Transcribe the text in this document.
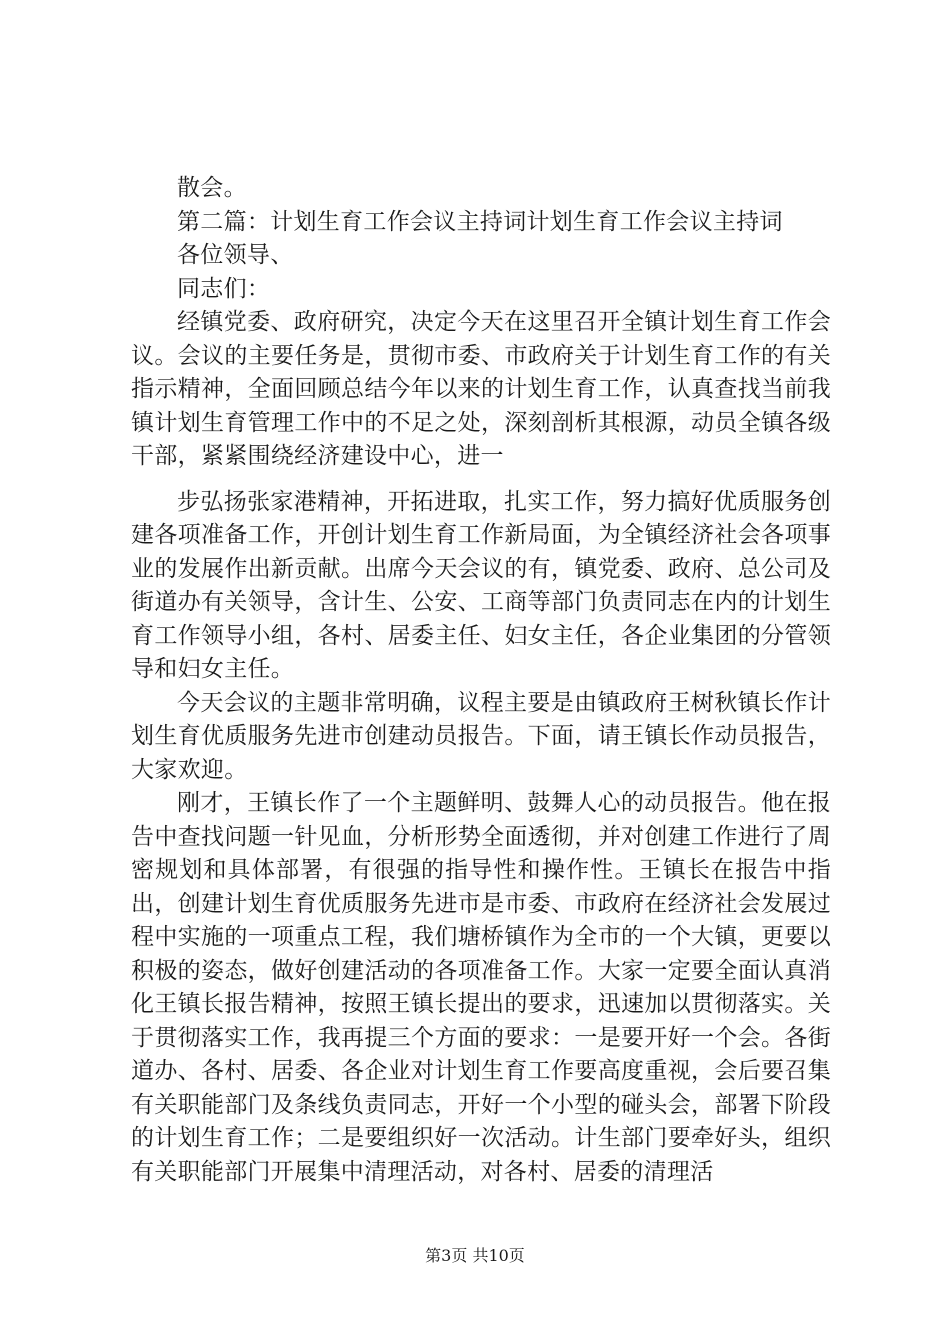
散会。

第二篇：计划生育工作会议主持词计划生育工作会议主持词

各位领导、

同志们：

经镇党委、政府研究，决定今天在这里召开全镇计划生育工作会议。会议的主要任务是，贯彻市委、市政府关于计划生育工作的有关指示精神，全面回顾总结今年以来的计划生育工作，认真查找当前我镇计划生育管理工作中的不足之处，深刻剖析其根源，动员全镇各级干部，紧紧围绕经济建设中心，进一

步弘扬张家港精神，开拓进取，扎实工作，努力搞好优质服务创建各项准备工作，开创计划生育工作新局面，为全镇经济社会各项事业的发展作出新贡献。出席今天会议的有，镇党委、政府、总公司及街道办有关领导，含计生、公安、工商等部门负责同志在内的计划生育工作领导小组，各村、居委主任、妇女主任，各企业集团的分管领导和妇女主任。

今天会议的主题非常明确，议程主要是由镇政府王树秋镇长作计划生育优质服务先进市创建动员报告。下面，请王镇长作动员报告，大家欢迎。

刚才，王镇长作了一个主题鲜明、鼓舞人心的动员报告。他在报告中查找问题一针见血，分析形势全面透彻，并对创建工作进行了周密规划和具体部署，有很强的指导性和操作性。王镇长在报告中指出，创建计划生育优质服务先进市是市委、市政府在经济社会发展过程中实施的一项重点工程，我们塘桥镇作为全市的一个大镇，更要以积极的姿态，做好创建活动的各项准备工作。大家一定要全面认真消化王镇长报告精神，按照王镇长提出的要求，迅速加以贯彻落实。关于贯彻落实工作，我再提三个方面的要求：一是要开好一个会。各街道办、各村、居委、各企业对计划生育工作要高度重视，会后要召集有关职能部门及条线负责同志，开好一个小型的碰头会，部署下阶段的计划生育工作；二是要组织好一次活动。计生部门要牵好头，组织有关职能部门开展集中清理活动，对各村、居委的清理活

第3页 共10页
